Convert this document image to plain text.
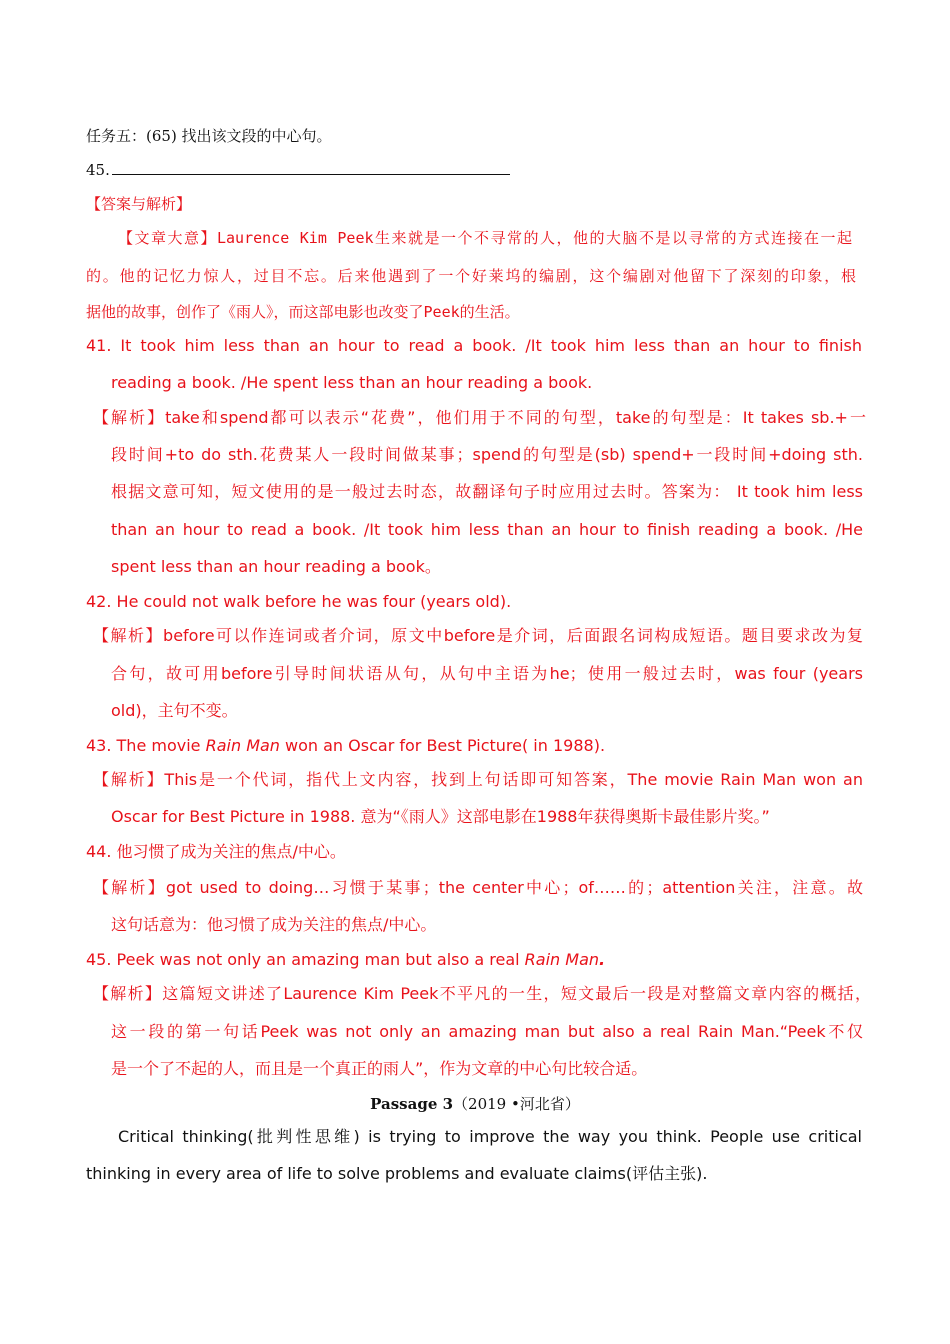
任务五：(65) 找出该文段的中心句。
45.
【答案与解析】
【文章大意】Laurence Kim Peek生来就是一个不寻常的人，他的大脑不是以寻常的方式连接在一起
的。他的记忆力惊人，过目不忘。后来他遇到了一个好莱坞的编剧，这个编剧对他留下了深刻的印象，根
据他的故事，创作了《雨人》，而这部电影也改变了Peek的生活。
41. It took him less than an hour to read a book. /It took him less than an hour to finish
reading a book. /He spent less than an hour reading a book.
【解析】take和spend都可以表示“花费”，他们用于不同的句型，take的句型是：It takes sb.+一
段时间+to do sth.花费某人一段时间做某事；spend的句型是(sb) spend+一段时间+doing sth.
根据文意可知，短文使用的是一般过去时态，故翻译句子时应用过去时。答案为： It took him less
than an hour to read a book. /It took him less than an hour to finish reading a book. /He
spent less than an hour reading a book。
42. He could not walk before he was four (years old).
【解析】before可以作连词或者介词，原文中before是介词，后面跟名词构成短语。题目要求改为复
合句，故可用before引导时间状语从句，从句中主语为he；使用一般过去时，was four (years
old)，主句不变。
43. The movie Rain Man won an Oscar for Best Picture( in 1988).
【解析】This是一个代词，指代上文内容，找到上句话即可知答案，The movie Rain Man won an
Oscar for Best Picture in 1988. 意为“《雨人》这部电影在1988年获得奥斯卡最佳影片奖。”
44. 他习惯了成为关注的焦点/中心。
【解析】got used to doing…习惯于某事；the center中心；of……的；attention关注，注意。故
这句话意为：他习惯了成为关注的焦点/中心。
45. Peek was not only an amazing man but also a real Rain Man.
【解析】这篇短文讲述了Laurence Kim Peek不平凡的一生，短文最后一段是对整篇文章内容的概括，
这一段的第一句话Peek was not only an amazing man but also a real Rain Man.“Peek不仅
是一个了不起的人，而且是一个真正的雨人”，作为文章的中心句比较合适。
Passage 3（2019 •河北省）
Critical thinking(批判性思维) is trying to improve the way you think. People use critical
thinking in every area of life to solve problems and evaluate claims(评估主张).
